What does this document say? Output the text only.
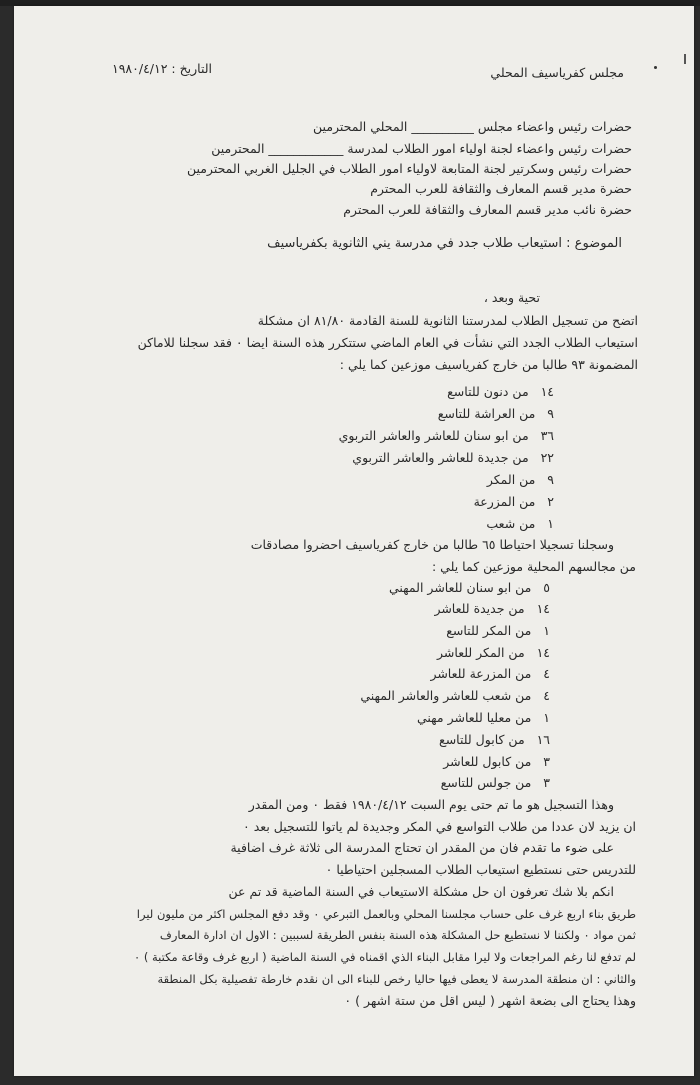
مجلس كفرياسيف المحلي
التاريخ : ١٩٨٠/٤/١٢
حضرات رئيس واعضاء مجلس __________ المحلي المحترمين
حضرات رئيس واعضاء لجنة اولياء امور الطلاب لمدرسة ____________ المحترمين
حضرات رئيس وسكرتير لجنة المتابعة لاولياء امور الطلاب في الجليل الغربي المحترمين
حضرة مدير قسم المعارف والثقافة للعرب المحترم
حضرة نائب مدير قسم المعارف والثقافة للعرب المحترم
الموضوع : استيعاب طلاب جدد في مدرسة يني الثانوية بكفرياسيف
تحية وبعد ،
اتضح من تسجيل الطلاب لمدرستنا الثانوية للسنة القادمة ٨١/٨٠ ان مشكلة
استيعاب الطلاب الجدد التي نشأت في العام الماضي ستتكرر هذه السنة ايضا ٠ فقد سجلنا للاماكن
المضمونة ٩٣ طالبا من خارج كفرياسيف موزعين كما يلي :
١٤   من دنون للتاسع
٩   من العراشة للتاسع
٣٦   من ابو سنان للعاشر والعاشر التربوي
٢٢   من جديدة للعاشر والعاشر التربوي
٩   من المكر
٢   من المزرعة
١   من شعب
وسجلنا تسجيلا احتياطا ٦٥ طالبا من خارج كفرياسيف احضروا مصادقات
من مجالسهم المحلية موزعين كما يلي :
٥   من ابو سنان للعاشر المهني
١٤   من جديدة للعاشر
١   من المكر للتاسع
١٤   من المكر للعاشر
٤   من المزرعة للعاشر
٤   من شعب للعاشر والعاشر المهني
١   من معليا للعاشر مهني
١٦   من كابول للتاسع
٣   من كابول للعاشر
٣   من جولس للتاسع
وهذا التسجيل هو ما تم حتى يوم السبت ١٩٨٠/٤/١٢ فقط ٠ ومن المقدر
ان يزيد لان عددا من طلاب التواسع في المكر وجديدة لم ياتوا للتسجيل بعد ٠
على ضوء ما تقدم فان من المقدر ان تحتاج المدرسة الى ثلاثة غرف اضافية
للتدريس حتى نستطيع استيعاب الطلاب المسجلين احتياطيا ٠
انكم بلا شك تعرفون ان حل مشكلة الاستيعاب في السنة الماضية قد تم عن
طريق بناء اربع غرف على حساب مجلسنا المحلي وبالعمل التبرعي ٠ وقد دفع المجلس اكثر من مليون ليرا
ثمن مواد ٠ ولكننا لا نستطيع حل المشكلة هذه السنة بنفس الطريقة لسببين : الاول ان ادارة المعارف
لم تدفع لنا رغم المراجعات ولا ليرا مقابل البناء الذي اقمناه في السنة الماضية ( اربع غرف وقاعة مكتبة ) ٠
والثاني : ان منطقة المدرسة لا يعطى فيها حاليا رخص للبناء الى ان نقدم خارطة تفصيلية بكل المنطقة
وهذا يحتاج الى بضعة اشهر ( ليس اقل من ستة اشهر ) ٠
